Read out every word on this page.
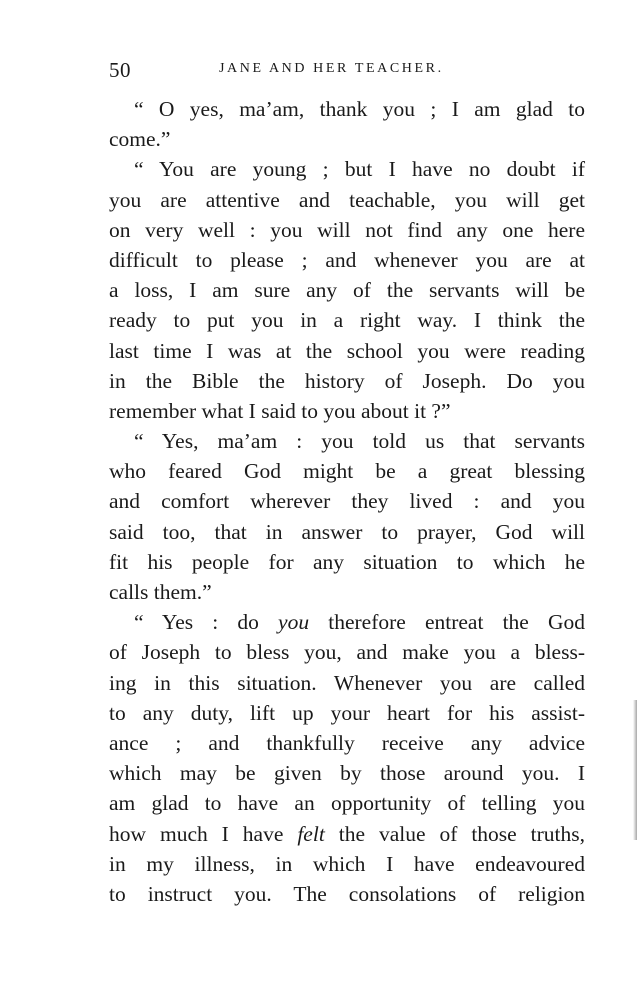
50	JANE AND HER TEACHER.
“ O yes, ma’am, thank you ; I am glad to
come.”
“ You are young ; but I have no doubt if
you are attentive and teachable, you will get
on very well : you will not find any one here
difficult to please ; and whenever you are at
a loss, I am sure any of the servants will be
ready to put you in a right way. I think the
last time I was at the school you were reading
in the Bible the history of Joseph. Do you
remember what I said to you about it ?”
“ Yes, ma’am : you told us that servants
who feared God might be a great blessing
and comfort wherever they lived : and you
said too, that in answer to prayer, God will
fit his people for any situation to which he
calls them.”
“ Yes : do you therefore entreat the God
of Joseph to bless you, and make you a bless-
ing in this situation. Whenever you are called
to any duty, lift up your heart for his assist-
ance ; and thankfully receive any advice
which may be given by those around you. I
am glad to have an opportunity of telling you
how much I have felt the value of those truths,
in my illness, in which I have endeavoured
to instruct you. The consolations of religion
